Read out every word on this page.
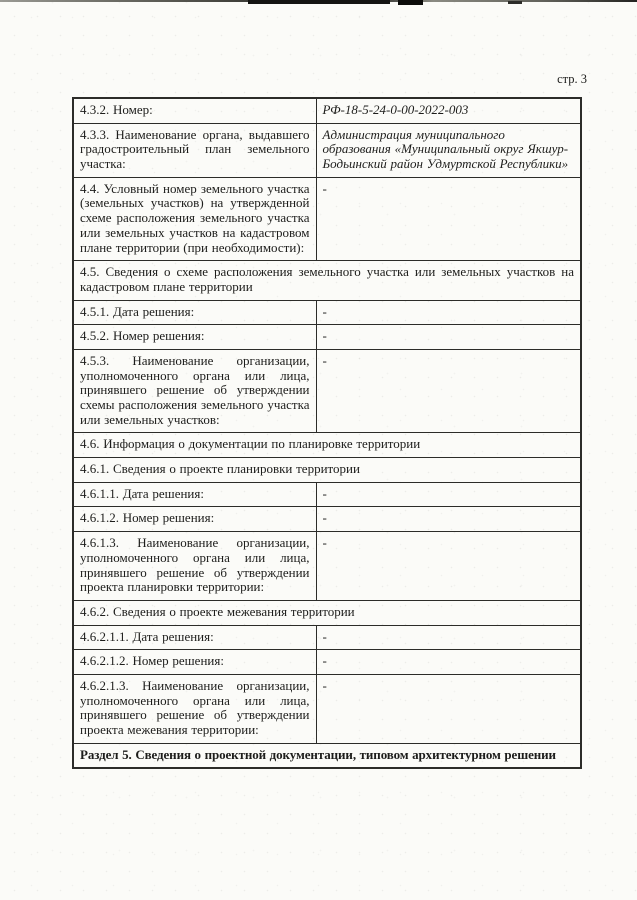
стр. 3
4.3.2. Номер:	РФ-18-5-24-0-00-2022-003
4.3.3. Наименование органа, выдавшего градостроительный план земельного участка:	Администрация муниципального образования «Муниципальный округ Якшур-Бодьинский район Удмуртской Республики»
4.4. Условный номер земельного участка (земельных участков) на утвержденной схеме расположения земельного участка или земельных участков на кадастровом плане территории (при необходимости):	-
4.5. Сведения о схеме расположения земельного участка или земельных участков на кадастровом плане территории	
4.5.1. Дата решения:	-
4.5.2. Номер решения:	-
4.5.3. Наименование организации, уполномоченного органа или лица, принявшего решение об утверждении схемы расположения земельного участка или земельных участков:	-
4.6. Информация о документации по планировке территории	
4.6.1. Сведения о проекте планировки территории	
4.6.1.1. Дата решения:	-
4.6.1.2. Номер решения:	-
4.6.1.3. Наименование организации, уполномоченного органа или лица, принявшего решение об утверждении проекта планировки территории:	-
4.6.2. Сведения о проекте межевания территории	
4.6.2.1.1. Дата решения:	-
4.6.2.1.2. Номер решения:	-
4.6.2.1.3. Наименование организации, уполномоченного органа или лица, принявшего решение об утверждении проекта межевания территории:	-
Раздел 5. Сведения о проектной документации, типовом архитектурном решении	
